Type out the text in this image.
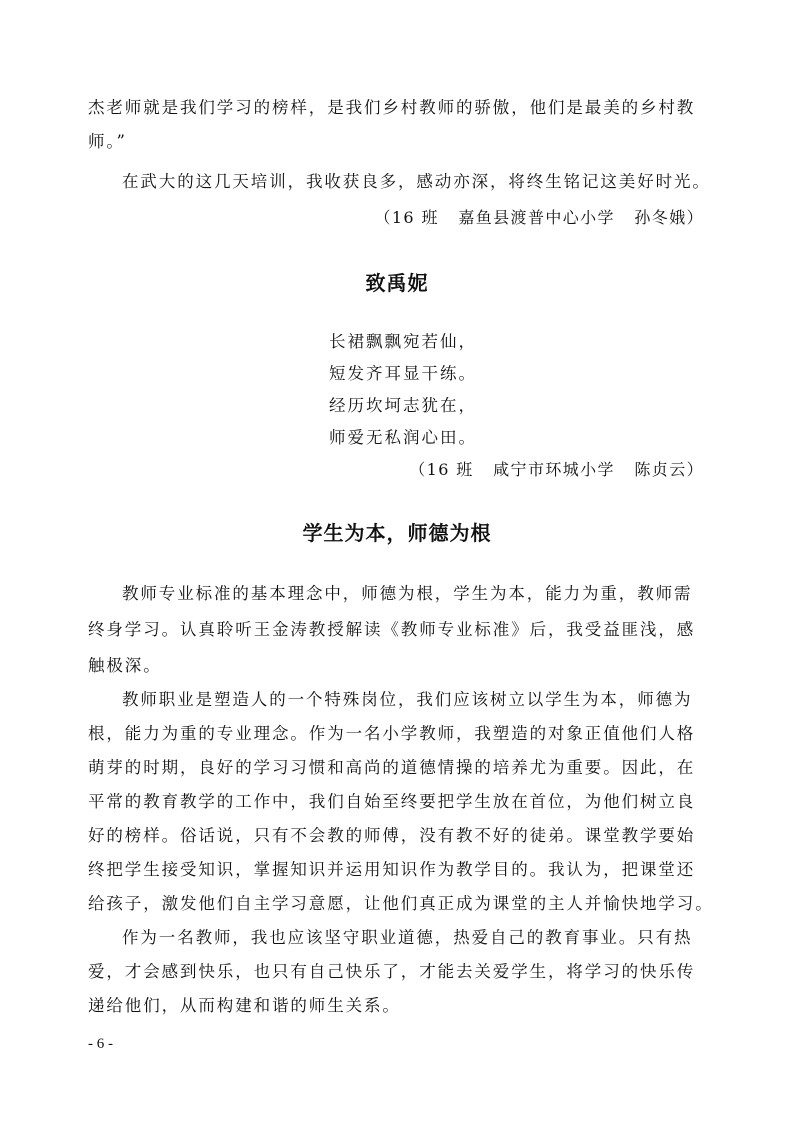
杰老师就是我们学习的榜样，是我们乡村教师的骄傲，他们是最美的乡村教
师。”
在武大的这几天培训，我收获良多，感动亦深，将终生铭记这美好时光。
（16 班   嘉鱼县渡普中心小学   孙冬娥）
致禹妮
长裙飘飘宛若仙，
短发齐耳显干练。
经历坎坷志犹在，
师爱无私润心田。
（16 班   咸宁市环城小学   陈贞云）
学生为本，师德为根
教师专业标准的基本理念中，师德为根，学生为本，能力为重，教师需
终身学习。认真聆听王金涛教授解读《教师专业标准》后，我受益匪浅，感
触极深。
教师职业是塑造人的一个特殊岗位，我们应该树立以学生为本，师德为
根，能力为重的专业理念。作为一名小学教师，我塑造的对象正值他们人格
萌芽的时期，良好的学习习惯和高尚的道德情操的培养尤为重要。因此，在
平常的教育教学的工作中，我们自始至终要把学生放在首位，为他们树立良
好的榜样。俗话说，只有不会教的师傅，没有教不好的徒弟。课堂教学要始
终把学生接受知识，掌握知识并运用知识作为教学目的。我认为，把课堂还
给孩子，激发他们自主学习意愿，让他们真正成为课堂的主人并愉快地学习。
作为一名教师，我也应该坚守职业道德，热爱自己的教育事业。只有热
爱，才会感到快乐，也只有自己快乐了，才能去关爱学生，将学习的快乐传
递给他们，从而构建和谐的师生关系。
- 6 -
